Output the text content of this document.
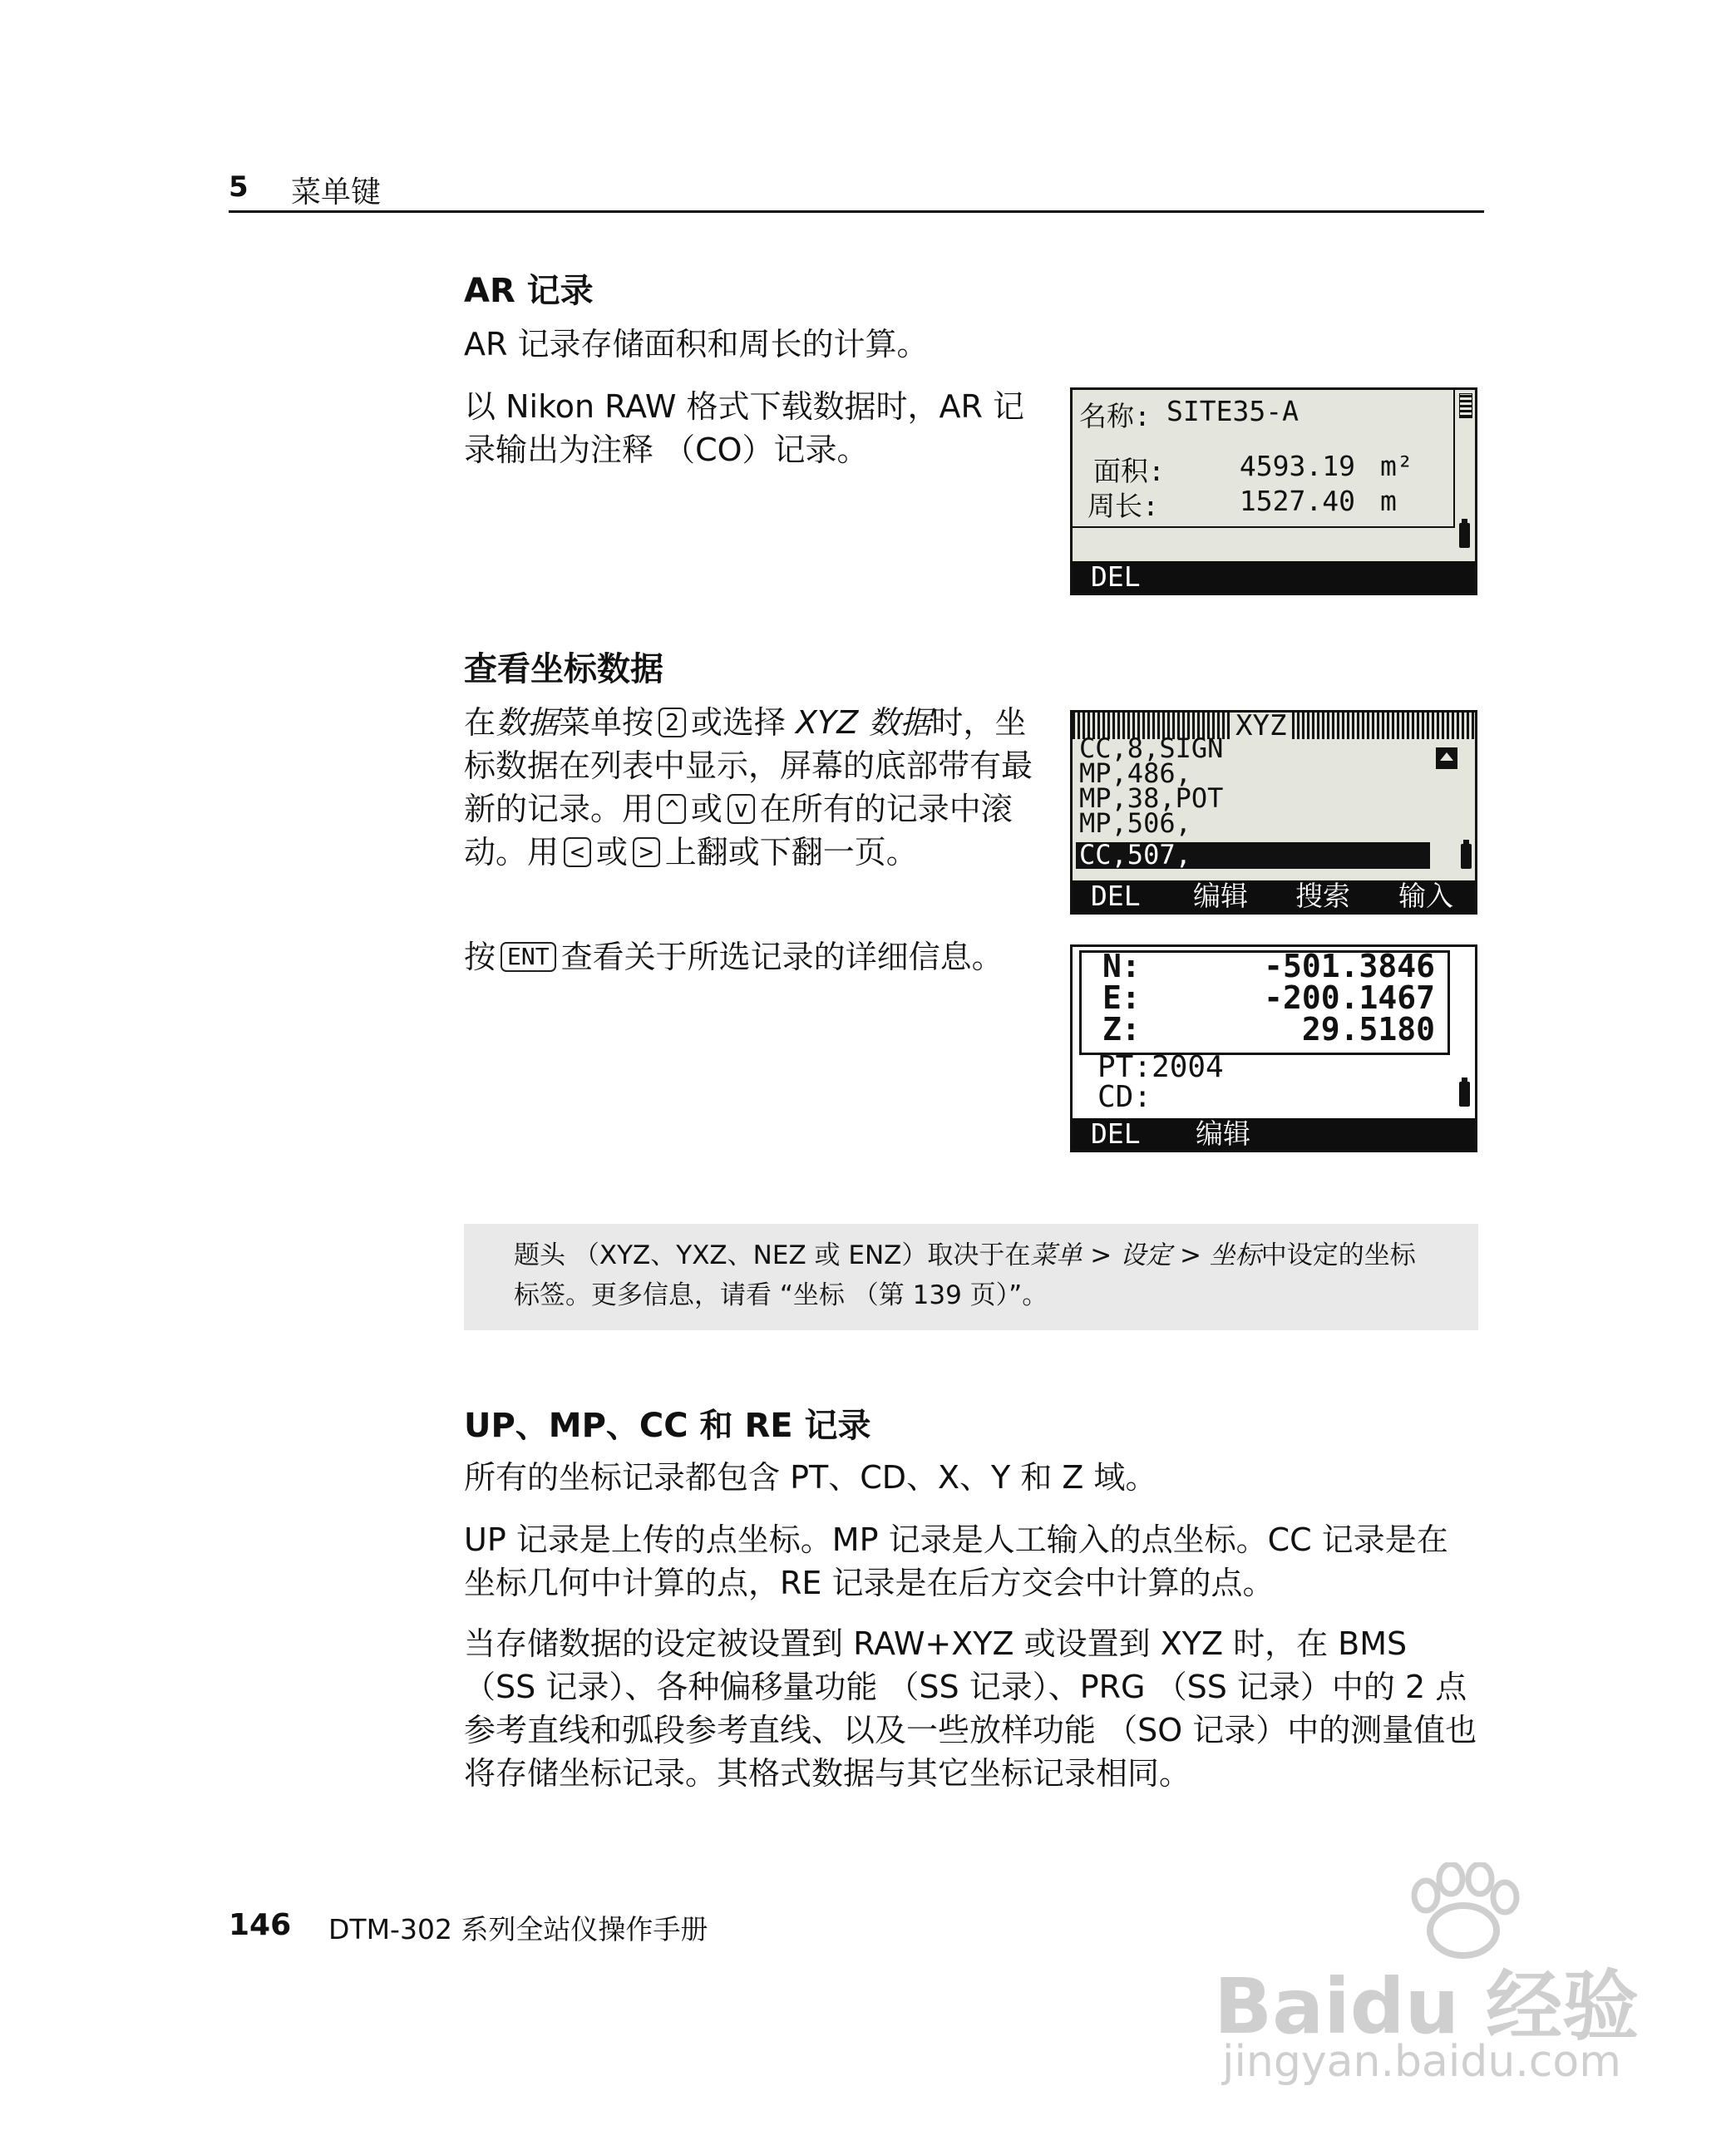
5 菜单键
AR 记录
AR 记录存储面积和周长的计算。
以 Nikon RAW 格式下载数据时，AR 记录输出为注释 （CO）记录。
名称: SITE35-A
面积:	4593.19 m²
周长:	1527.40 m
DEL
查看坐标数据
在数据菜单按 2 或选择 XYZ 数据时，坐标数据在列表中显示，屏幕的底部带有最新的记录。用 ^ 或 v 在所有的记录中滚动。用 < 或 > 上翻或下翻一页。
按 ENT 查看关于所选记录的详细信息。
XYZ
CC,8,SIGN
MP,486,
MP,38,POT
MP,506,
CC,507,
DEL 编辑 搜索 输入
N:	-501.3846
E:	-200.1467
Z:	29.5180
PT:2004
CD:
DEL 编辑
题头 （XYZ、YXZ、NEZ 或 ENZ）取决于在菜单 > 设定 > 坐标中设定的坐标标签。更多信息，请看 “坐标 （第 139 页）”。
UP、MP、CC 和 RE 记录
所有的坐标记录都包含 PT、CD、X、Y 和 Z 域。
UP 记录是上传的点坐标。MP 记录是人工输入的点坐标。CC 记录是在坐标几何中计算的点，RE 记录是在后方交会中计算的点。
当存储数据的设定被设置到 RAW+XYZ 或设置到 XYZ 时，在 BMS （SS 记录）、各种偏移量功能 （SS 记录）、PRG （SS 记录）中的 2 点参考直线和弧段参考直线、以及一些放样功能 （SO 记录）中的测量值也将存储坐标记录。其格式数据与其它坐标记录相同。
146 DTM-302 系列全站仪操作手册
Baidu 经验
jingyan.baidu.com
